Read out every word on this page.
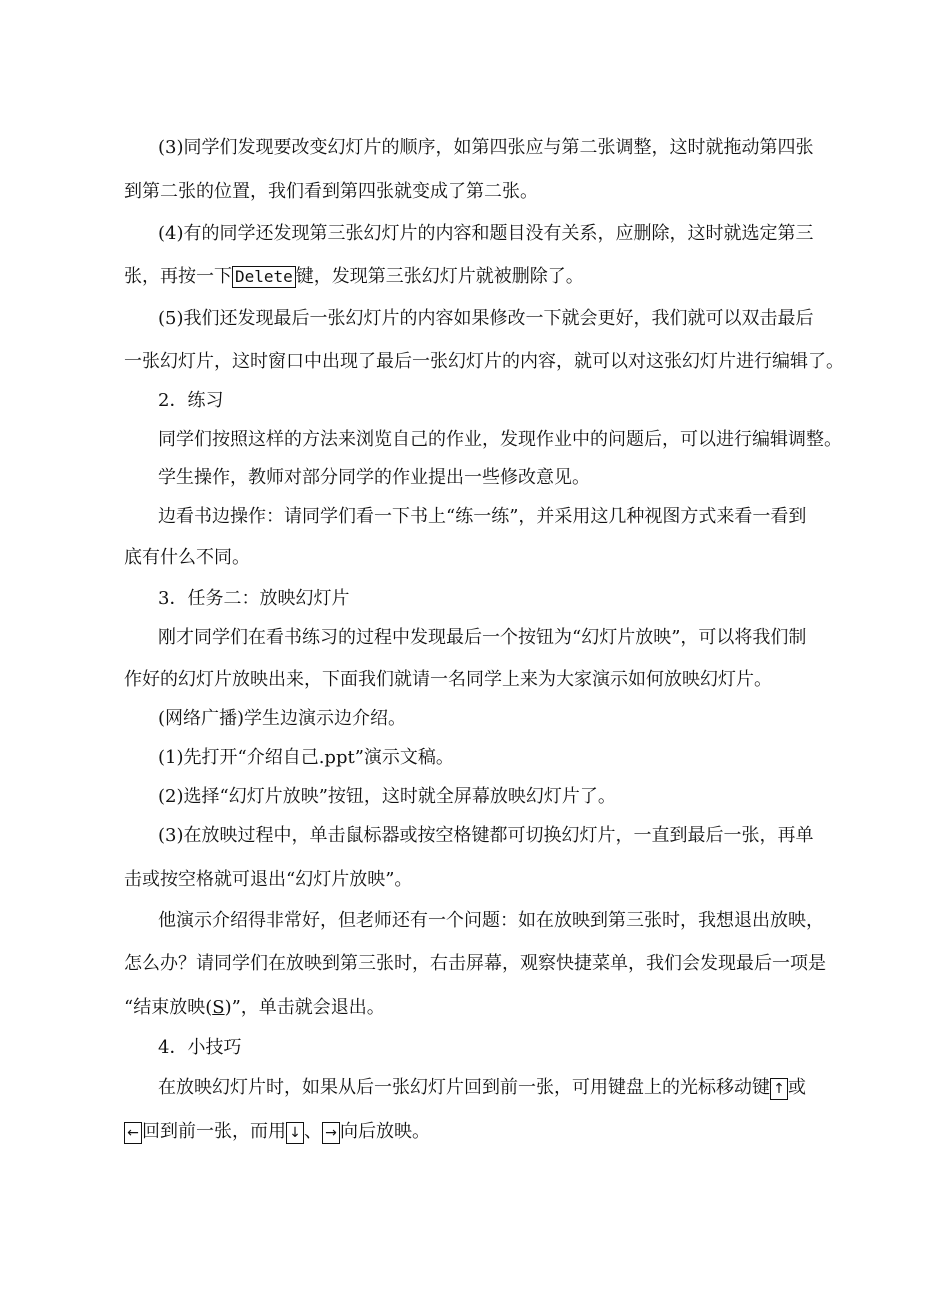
(3)同学们发现要改变幻灯片的顺序，如第四张应与第二张调整，这时就拖动第四张
到第二张的位置，我们看到第四张就变成了第二张。
(4)有的同学还发现第三张幻灯片的内容和题目没有关系，应删除，这时就选定第三
张，再按一下 Delete 键，发现第三张幻灯片就被删除了。
(5)我们还发现最后一张幻灯片的内容如果修改一下就会更好，我们就可以双击最后
一张幻灯片，这时窗口中出现了最后一张幻灯片的内容，就可以对这张幻灯片进行编辑了。
2．练习
同学们按照这样的方法来浏览自己的作业，发现作业中的问题后，可以进行编辑调整。
学生操作，教师对部分同学的作业提出一些修改意见。
边看书边操作：请同学们看一下书上“练一练”，并采用这几种视图方式来看一看到
底有什么不同。
3．任务二：放映幻灯片
刚才同学们在看书练习的过程中发现最后一个按钮为“幻灯片放映”，可以将我们制
作好的幻灯片放映出来，下面我们就请一名同学上来为大家演示如何放映幻灯片。
(网络广播)学生边演示边介绍。
(1)先打开“介绍自己.ppt”演示文稿。
(2)选择“幻灯片放映”按钮，这时就全屏幕放映幻灯片了。
(3)在放映过程中，单击鼠标器或按空格键都可切换幻灯片，一直到最后一张，再单
击或按空格就可退出“幻灯片放映”。
他演示介绍得非常好，但老师还有一个问题：如在放映到第三张时，我想退出放映，
怎么办？请同学们在放映到第三张时，右击屏幕，观察快捷菜单，我们会发现最后一项是
“结束放映(S)”，单击就会退出。
4．小技巧
在放映幻灯片时，如果从后一张幻灯片回到前一张，可用键盘上的光标移动键 ↑ 或
← 回到前一张，而用 ↓ 、 → 向后放映。
